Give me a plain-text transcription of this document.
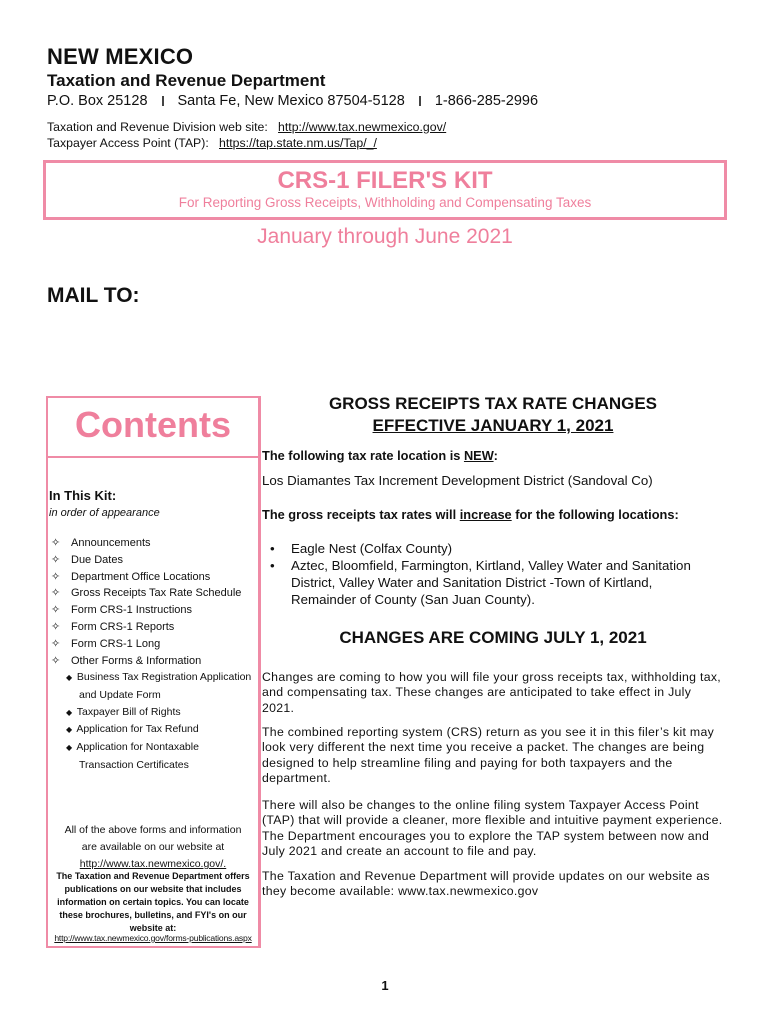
NEW MEXICO
Taxation and Revenue Department
P.O. Box 25128 Santa Fe, New Mexico 87504-5128 1-866-285-2996
Taxation and Revenue Division web site: http://www.tax.newmexico.gov/
Taxpayer Access Point (TAP): https://tap.state.nm.us/Tap/_/
CRS-1 FILER'S KIT
For Reporting Gross Receipts, Withholding and Compensating Taxes
January through June 2021
MAIL TO:
Contents
In This Kit:
in order of appearance
✧ Announcements
✧ Due Dates
✧ Department Office Locations
✧ Gross Receipts Tax Rate Schedule
✧ Form CRS-1 Instructions
✧ Form CRS-1 Reports
✧ Form CRS-1 Long
✧ Other Forms & Information
◆ Business Tax Registration Application
and Update Form
◆ Taxpayer Bill of Rights
◆ Application for Tax Refund
◆ Application for Nontaxable
Transaction Certificates
All of the above forms and information
are available on our website at
http://www.tax.newmexico.gov/.
The Taxation and Revenue Department offers
publications on our website that includes
information on certain topics. You can locate
these brochures, bulletins, and FYI's on our
website at:
http://www.tax.newmexico.gov/forms-publications.aspx
GROSS RECEIPTS TAX RATE CHANGES
EFFECTIVE JANUARY 1, 2021
The following tax rate location is NEW:
Los Diamantes Tax Increment Development District (Sandoval Co)
The gross receipts tax rates will increase for the following locations:
• Eagle Nest (Colfax County)
• Aztec, Bloomfield, Farmington, Kirtland, Valley Water and Sanitation District, Valley Water and Sanitation District -Town of Kirtland, Remainder of County (San Juan County).
CHANGES ARE COMING JULY 1, 2021
Changes are coming to how you will file your gross receipts tax, withholding tax, and compensating tax. These changes are anticipated to take effect in July 2021.
The combined reporting system (CRS) return as you see it in this filer’s kit may look very different the next time you receive a packet. The changes are being designed to help streamline filing and paying for both taxpayers and the department.
There will also be changes to the online filing system Taxpayer Access Point (TAP) that will provide a cleaner, more flexible and intuitive payment experience. The Department encourages you to explore the TAP system between now and July 2021 and create an account to file and pay.
The Taxation and Revenue Department will provide updates on our website as they become available: www.tax.newmexico.gov
1
